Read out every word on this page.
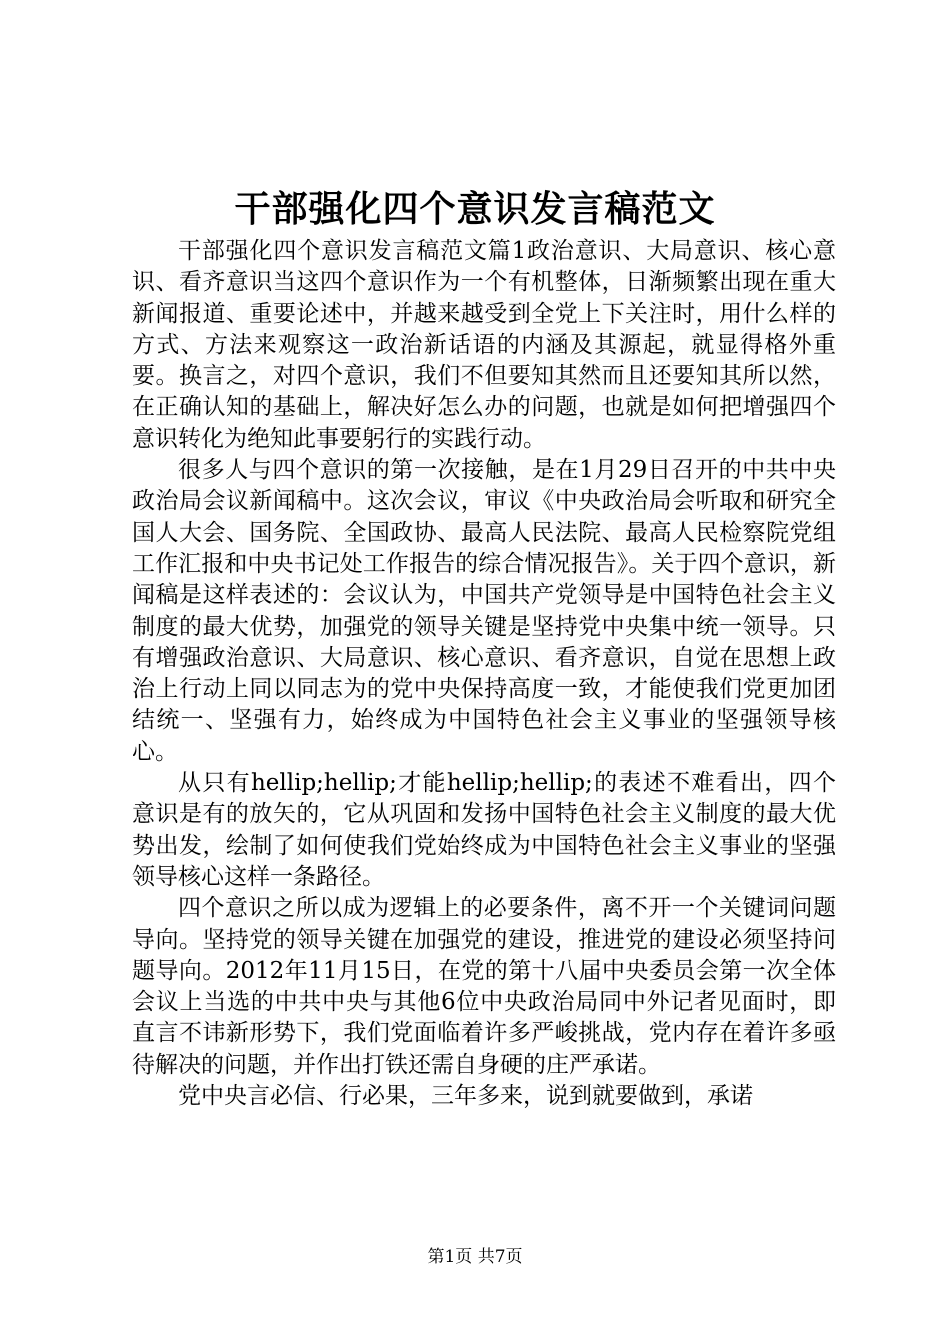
干部强化四个意识发言稿范文

干部强化四个意识发言稿范文篇1政治意识、大局意识、核心意识、看齐意识当这四个意识作为一个有机整体，日渐频繁出现在重大新闻报道、重要论述中，并越来越受到全党上下关注时，用什么样的方式、方法来观察这一政治新话语的内涵及其源起，就显得格外重要。换言之，对四个意识，我们不但要知其然而且还要知其所以然，在正确认知的基础上，解决好怎么办的问题，也就是如何把增强四个意识转化为绝知此事要躬行的实践行动。

很多人与四个意识的第一次接触，是在1月29日召开的中共中央政治局会议新闻稿中。这次会议，审议《中央政治局会听取和研究全国人大会、国务院、全国政协、最高人民法院、最高人民检察院党组工作汇报和中央书记处工作报告的综合情况报告》。关于四个意识，新闻稿是这样表述的：会议认为，中国共产党领导是中国特色社会主义制度的最大优势，加强党的领导关键是坚持党中央集中统一领导。只有增强政治意识、大局意识、核心意识、看齐意识，自觉在思想上政治上行动上同以同志为的党中央保持高度一致，才能使我们党更加团结统一、坚强有力，始终成为中国特色社会主义事业的坚强领导核心。

从只有hellip;hellip;才能hellip;hellip;的表述不难看出，四个意识是有的放矢的，它从巩固和发扬中国特色社会主义制度的最大优势出发，绘制了如何使我们党始终成为中国特色社会主义事业的坚强领导核心这样一条路径。

四个意识之所以成为逻辑上的必要条件，离不开一个关键词问题导向。坚持党的领导关键在加强党的建设，推进党的建设必须坚持问题导向。2012年11月15日，在党的第十八届中央委员会第一次全体会议上当选的中共中央与其他6位中央政治局同中外记者见面时，即直言不讳新形势下，我们党面临着许多严峻挑战，党内存在着许多亟待解决的问题，并作出打铁还需自身硬的庄严承诺。

党中央言必信、行必果，三年多来，说到就要做到，承诺

第1页 共7页
